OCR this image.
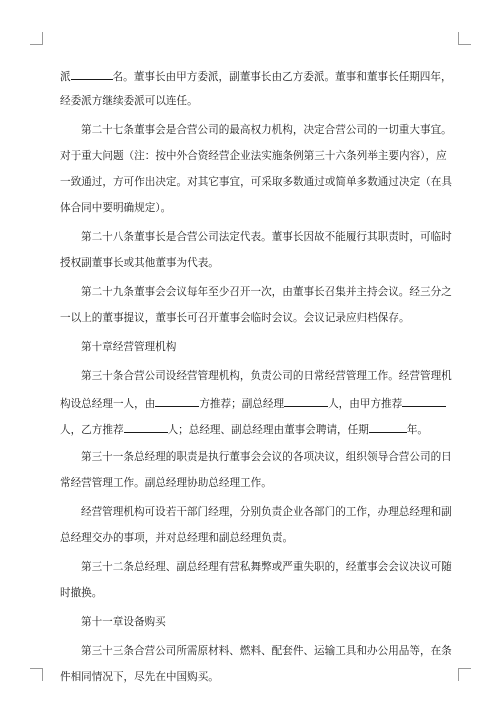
派	名。董事长由甲方委派，副董事长由乙方委派。董事和董事长任期四年，
经委派方继续委派可以连任。
第二十七条董事会是合营公司的最高权力机构，决定合营公司的一切重大事宜。
对于重大问题（注：按中外合资经营企业法实施条例第三十六条列举主要内容），应
一致通过，方可作出决定。对其它事宜，可采取多数通过或简单多数通过决定（在具
体合同中要明确规定）。
第二十八条董事长是合营公司法定代表。董事长因故不能履行其职责时，可临时
授权副董事长或其他董事为代表。
第二十九条董事会会议每年至少召开一次，由董事长召集并主持会议。经三分之
一以上的董事提议，董事长可召开董事会临时会议。会议记录应归档保存。
第十章经营管理机构
第三十条合营公司设经营管理机构，负责公司的日常经营管理工作。经营管理机
构设总经理一人，由	方推荐；副总经理	人，由甲方推荐
人，乙方推荐	人；总经理、副总经理由董事会聘请，任期	年。
第三十一条总经理的职责是执行董事会会议的各项决议，组织领导合营公司的日
常经营管理工作。副总经理协助总经理工作。
经营管理机构可设若干部门经理，分别负责企业各部门的工作，办理总经理和副
总经理交办的事项，并对总经理和副总经理负责。
第三十二条总经理、副总经理有营私舞弊或严重失职的，经董事会会议决议可随
时撤换。
第十一章设备购买
第三十三条合营公司所需原材料、燃料、配套件、运输工具和办公用品等，在条
件相同情况下，尽先在中国购买。
